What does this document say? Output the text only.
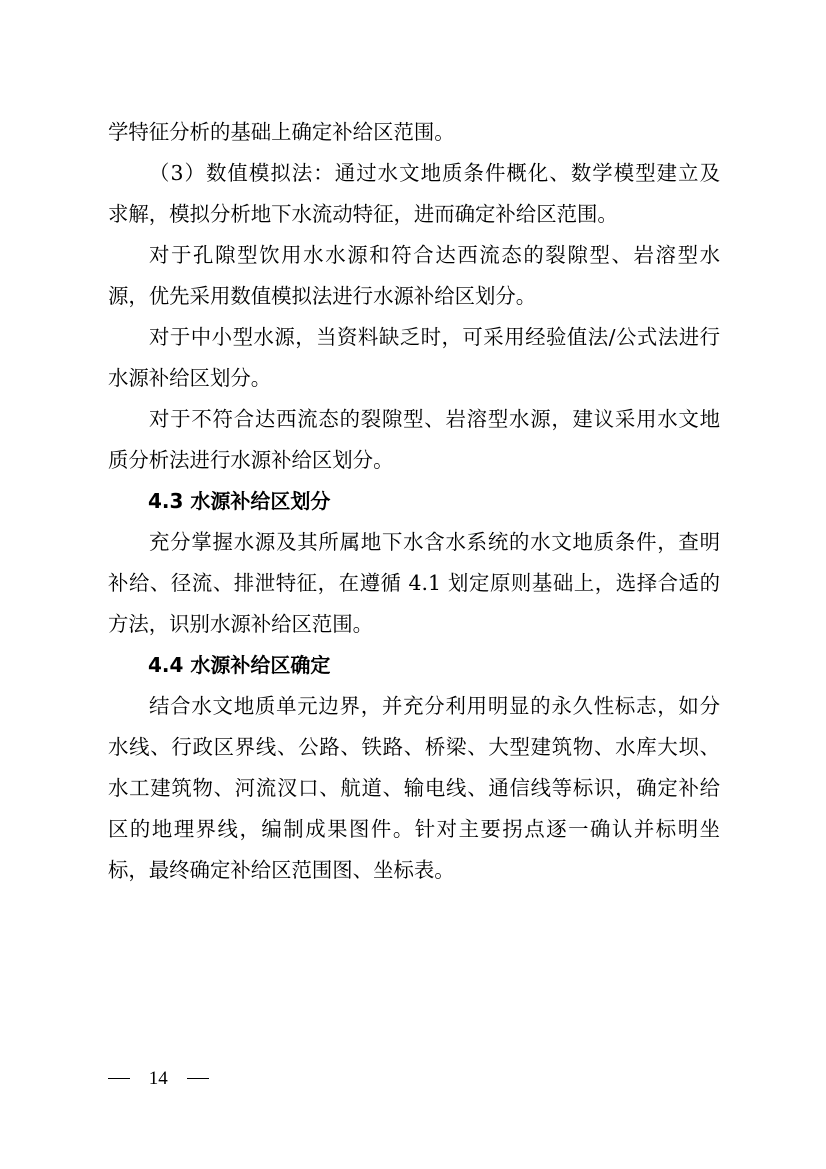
学特征分析的基础上确定补给区范围。
（3）数值模拟法：通过水文地质条件概化、数学模型建立及
求解，模拟分析地下水流动特征，进而确定补给区范围。
对于孔隙型饮用水水源和符合达西流态的裂隙型、岩溶型水
源，优先采用数值模拟法进行水源补给区划分。
对于中小型水源，当资料缺乏时，可采用经验值法/公式法进行
水源补给区划分。
对于不符合达西流态的裂隙型、岩溶型水源，建议采用水文地
质分析法进行水源补给区划分。
4.3 水源补给区划分
充分掌握水源及其所属地下水含水系统的水文地质条件，查明
补给、径流、排泄特征，在遵循 4.1 划定原则基础上，选择合适的
方法，识别水源补给区范围。
4.4 水源补给区确定
结合水文地质单元边界，并充分利用明显的永久性标志，如分
水线、行政区界线、公路、铁路、桥梁、大型建筑物、水库大坝、
水工建筑物、河流汊口、航道、输电线、通信线等标识，确定补给
区的地理界线，编制成果图件。针对主要拐点逐一确认并标明坐
标，最终确定补给区范围图、坐标表。
14
